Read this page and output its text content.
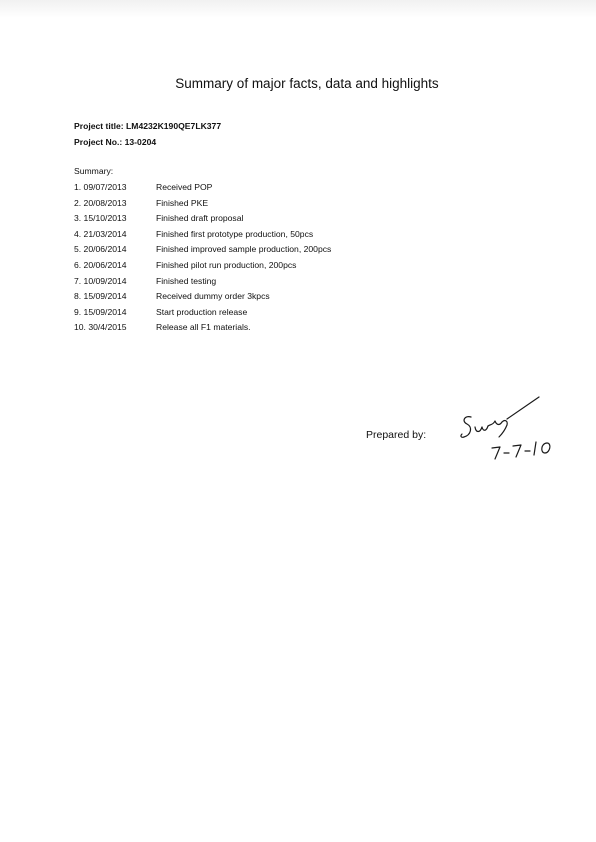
Summary of major facts, data and highlights
Project title: LM4232K190QE7LK377
Project No.: 13-0204
Summary:
1. 09/07/2013	Received POP
2. 20/08/2013	Finished PKE
3. 15/10/2013	Finished draft proposal
4. 21/03/2014	Finished first prototype production, 50pcs
5. 20/06/2014	Finished improved sample production, 200pcs
6. 20/06/2014	Finished pilot run production, 200pcs
7. 10/09/2014	Finished testing
8. 15/09/2014	Received dummy order 3kpcs
9. 15/09/2014	Start production release
10. 30/4/2015	Release all F1 materials.
Prepared by:
